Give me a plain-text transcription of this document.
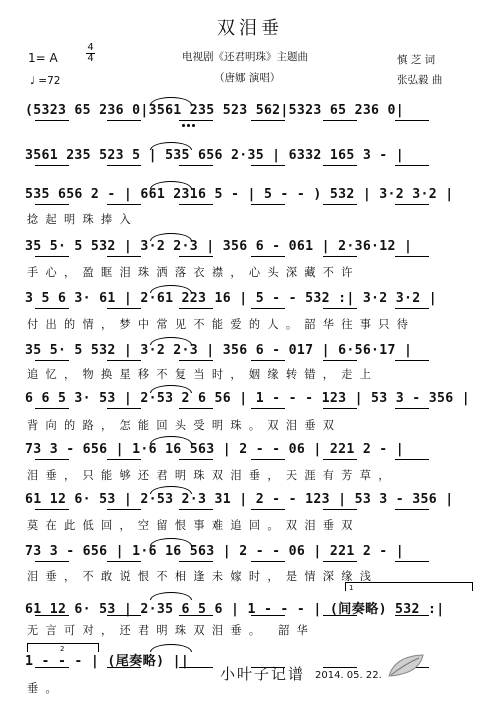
双泪垂
电视剧《还君明珠》主题曲
（唐娜 演唱）
慎 芝 词
张弘毅 曲
1= A
4
4
♩ =72
(5323 65 236 0|3561 235 523 562|5323 65 236 0|
3561 235 523 5 | 535 656 2·35 | 6332 165 3 - |
535 656 2 - | 661 2316 5 - | 5 - - ) 532 | 3·2 3·2 |
捻起明珠捧入
35 5· 5 532 | 3·2 2·3 | 356 6 - 061 | 2·36·12 |
手心，盈眶泪珠洒落衣襟，心头深藏不许
3 5 6 3· 61 | 2·61 223 16 | 5 - - 532 :| 3·2 3·2 |
付出的情，梦中常见不能爱的人。韶华往事只待
35 5· 5 532 | 3·2 2·3 | 356 6 - 017 | 6·56·17 |
追忆，物换星移不复当时，姻缘转错，走上
6 6 5 3· 53 | 2·53 2 6 56 | 1 - - - 123 | 53 3 - 356 |
背向的路，怎能回头受明珠。双泪垂双
73 3 - 656 | 1·6 16 563 | 2 - - 06 | 221 2 - |
泪垂，只能够还君明珠双泪垂，天涯有芳草，
61 12 6· 53 | 2·53 2·3 31 | 2 - - 123 | 53 3 - 356 |
莫在此低回，空留恨事难追回。双泪垂双
73 3 - 656 | 1·6 16 563 | 2 - - 06 | 221 2 - |
泪垂，不敢说恨不相逢未嫁时，是情深缘浅
61 12 6· 53 | 2·35 6 5 6 | 1 - - - | (间奏略) 532 :|
无言可对，还君明珠双泪垂。 韶华
1 - - - | (尾奏略) ||
垂。
1
2
小叶子记谱 2014. 05. 22.
